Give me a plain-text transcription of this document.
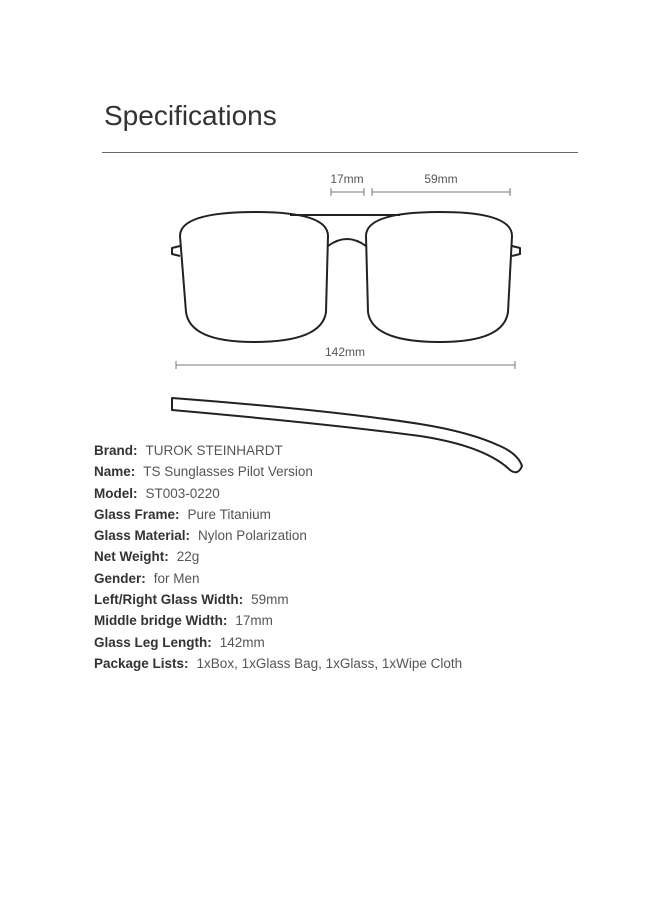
Specifications
17mm	59mm
142mm
Brand: TUROK STEINHARDT
Name: TS Sunglasses Pilot Version
Model: ST003-0220
Glass Frame: Pure Titanium
Glass Material: Nylon Polarization
Net Weight: 22g
Gender: for Men
Left/Right Glass Width: 59mm
Middle bridge Width: 17mm
Glass Leg Length: 142mm
Package Lists: 1xBox, 1xGlass Bag, 1xGlass, 1xWipe Cloth
